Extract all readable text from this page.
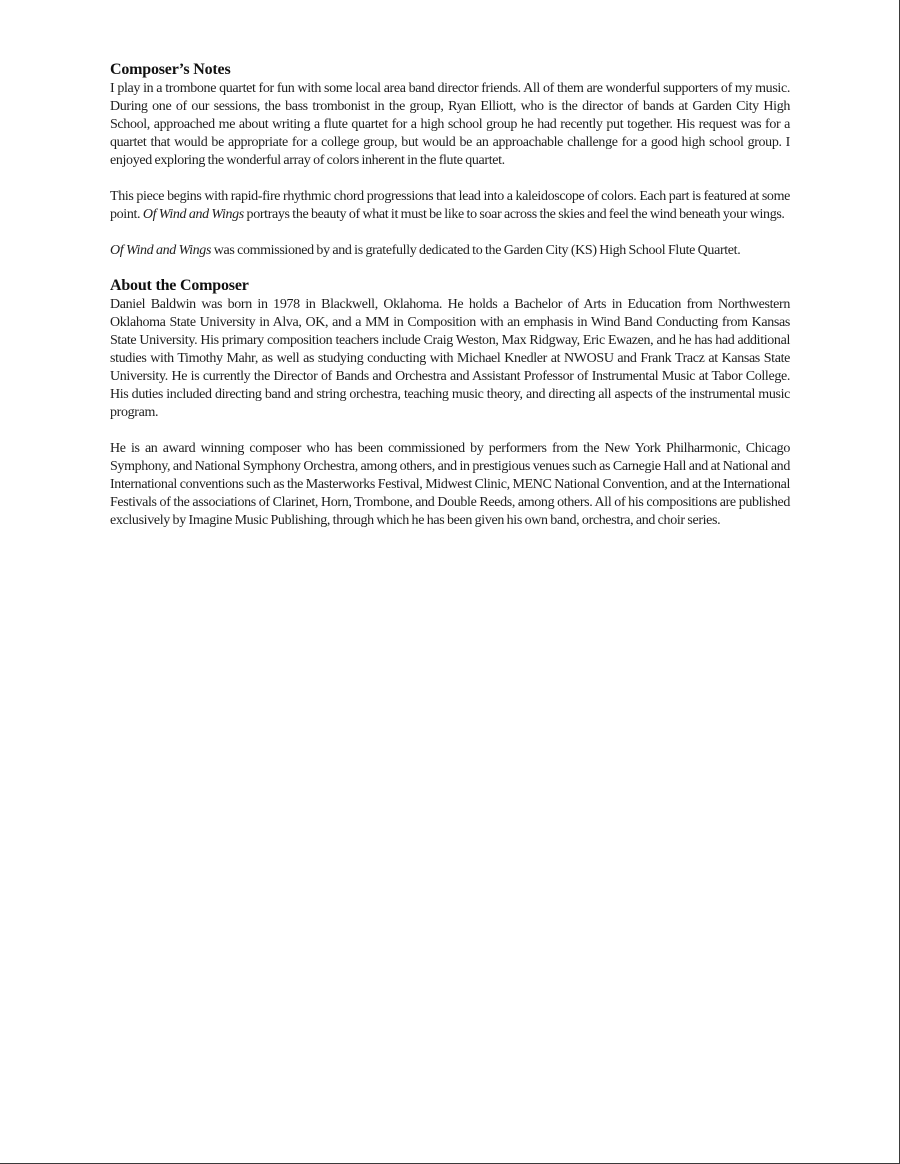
Composer’s Notes

I play in a trombone quartet for fun with some local area band director friends. All of them are wonderful supporters of my music. During one of our sessions, the bass trombonist in the group, Ryan Elliott, who is the director of bands at Garden City High School, approached me about writing a flute quartet for a high school group he had recently put together. His request was for a quartet that would be appropriate for a college group, but would be an approachable challenge for a good high school group. I enjoyed exploring the wonderful array of colors inherent in the flute quartet.

This piece begins with rapid-fire rhythmic chord progressions that lead into a kaleidoscope of colors. Each part is featured at some point. Of Wind and Wings portrays the beauty of what it must be like to soar across the skies and feel the wind beneath your wings.

Of Wind and Wings was commissioned by and is gratefully dedicated to the Garden City (KS) High School Flute Quartet.

About the Composer

Daniel Baldwin was born in 1978 in Blackwell, Oklahoma. He holds a Bachelor of Arts in Education from Northwestern Oklahoma State University in Alva, OK, and a MM in Composition with an emphasis in Wind Band Conducting from Kansas State University. His primary composition teachers include Craig Weston, Max Ridgway, Eric Ewazen, and he has had additional studies with Timothy Mahr, as well as studying conducting with Michael Knedler at NWOSU and Frank Tracz at Kansas State University. He is currently the Director of Bands and Orchestra and Assistant Professor of Instrumental Music at Tabor College. His duties included directing band and string orchestra, teaching music theory, and directing all aspects of the instrumental music program.

He is an award winning composer who has been commissioned by performers from the New York Philharmonic, Chicago Symphony, and National Symphony Orchestra, among others, and in prestigious venues such as Carnegie Hall and at National and International conventions such as the Masterworks Festival, Midwest Clinic, MENC National Convention, and at the International Festivals of the associations of Clarinet, Horn, Trombone, and Double Reeds, among others. All of his compositions are published exclusively by Imagine Music Publishing, through which he has been given his own band, orchestra, and choir series.
